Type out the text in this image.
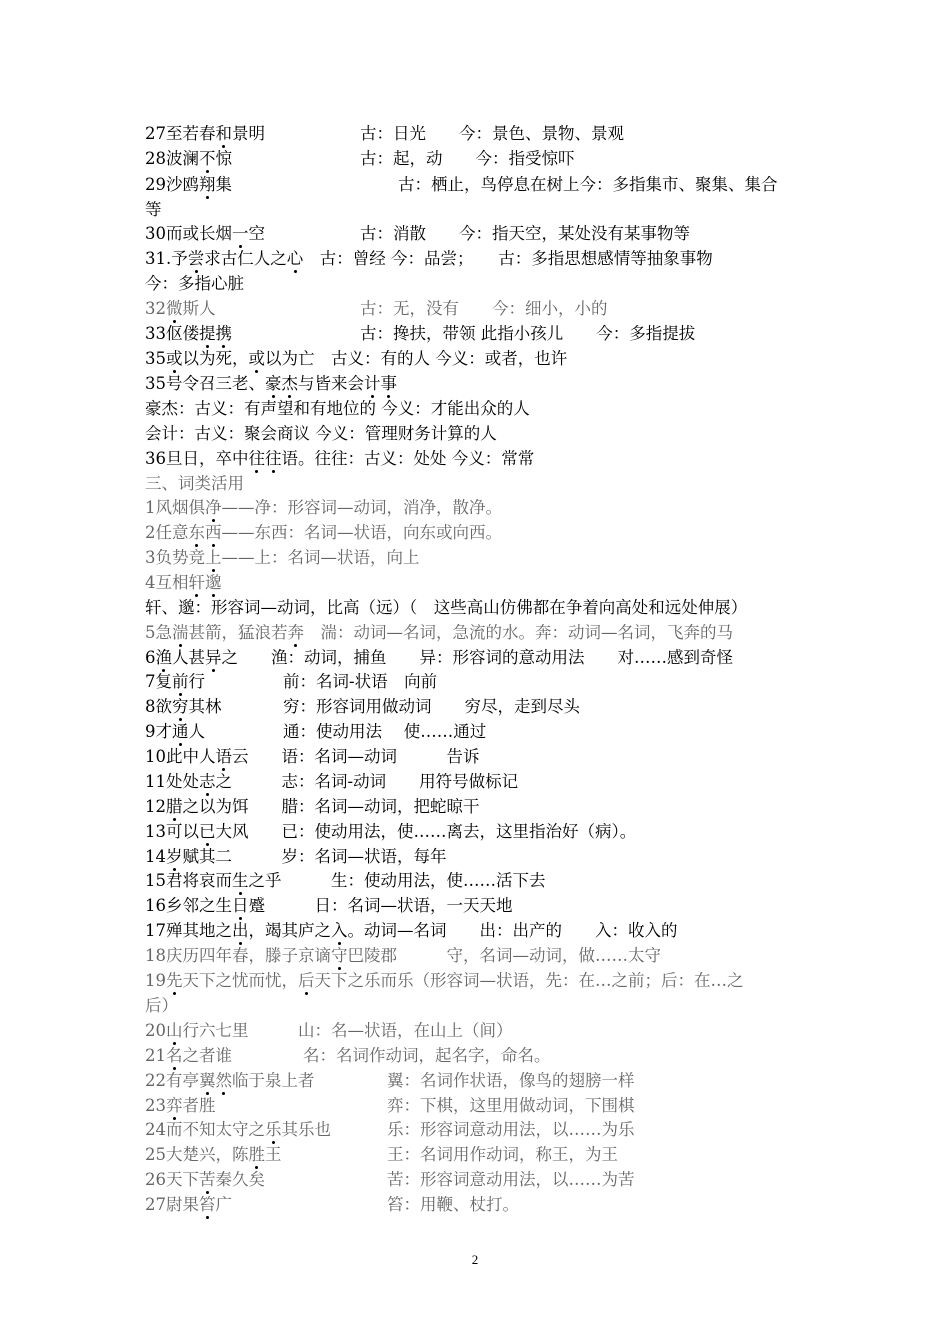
27至若春和景明	古：日光　　今：景色、景物、景观
28波澜不惊	古：起，动　　今：指受惊吓
29沙鸥翔集	古：栖止，鸟停息在树上今：多指集市、聚集、集合
等
30而或长烟一空	古：消散　　今：指天空，某处没有某事物等
31.予尝求古仁人之心　 古：曾经 今：品尝；　　 古：多指思想感情等抽象事物
今：多指心脏
32微斯人	古：无，没有　　今：细小，小的
33伛偻提携	古：搀扶，带领 此指小孩儿　　今：多指提拔
35或以为死，或以为亡　 古义：有的人 今义：或者，也许
35号令召三老、豪杰与皆来会计事
豪杰：古义：有声望和有地位的 今义：才能出众的人
会计：古义：聚会商议 今义：管理财务计算的人
36旦日，卒中往往语。往往：古义：处处 今义：常常
三、词类活用
1风烟俱净——净：形容词—动词，消净，散净。
2任意东西——东西：名词—状语，向东或向西。
3负势竞上——上：名词—状语，向上
4互相轩邈
轩、邈：形容词—动词，比高（远）（　 这些高山仿佛都在争着向高处和远处伸展）
5急湍甚箭，猛浪若奔　 湍：动词—名词，急流的水。奔：动词—名词，飞奔的马
6渔人甚异之　　 渔：动词，捕鱼　　 异：形容词的意动用法　　 对……感到奇怪
7复前行	前：名词-状语　向前
8欲穷其林	穷：形容词用做动词　　穷尽，走到尽头
9才通人	通：使动用法　 使……通过
10此中人语云　　 语：名词—动词　　　	告诉
11处处志之　　　	志：名词-动词　　 用符号做标记
12腊之以为饵　　 腊：名词—动词，把蛇晾干
13可以已大风　　 已：使动用法，使……离去，这里指治好（病）。
14岁赋其二　　　	岁：名词—状语，每年
15君将哀而生之乎　　　	生：使动用法，使……活下去
16乡邻之生日蹙　　　	日：名词—状语，一天天地
17殚其地之出，竭其庐之入。动词—名词　　 出：出产的　　 入：收入的
18庆历四年春，滕子京谪守巴陵郡　　　	守，名词—动词，做……太守
19先天下之忧而忧，后天下之乐而乐（形容词—状语，先：在…之前；后：在…之
后）
20山行六七里　　　	山：名—状语，在山上（间）
21名之者谁	名：名词作动词，起名字，命名。
22有亭翼然临于泉上者	翼：名词作状语，像鸟的翅膀一样
23弈者胜	弈：下棋，这里用做动词，下围棋
24而不知太守之乐其乐也	乐：形容词意动用法，以……为乐
25大楚兴，陈胜王	王：名词用作动词，称王，为王
26天下苦秦久矣	苦：形容词意动用法，以……为苦
27尉果笞广	笞：用鞭、杖打。
2
